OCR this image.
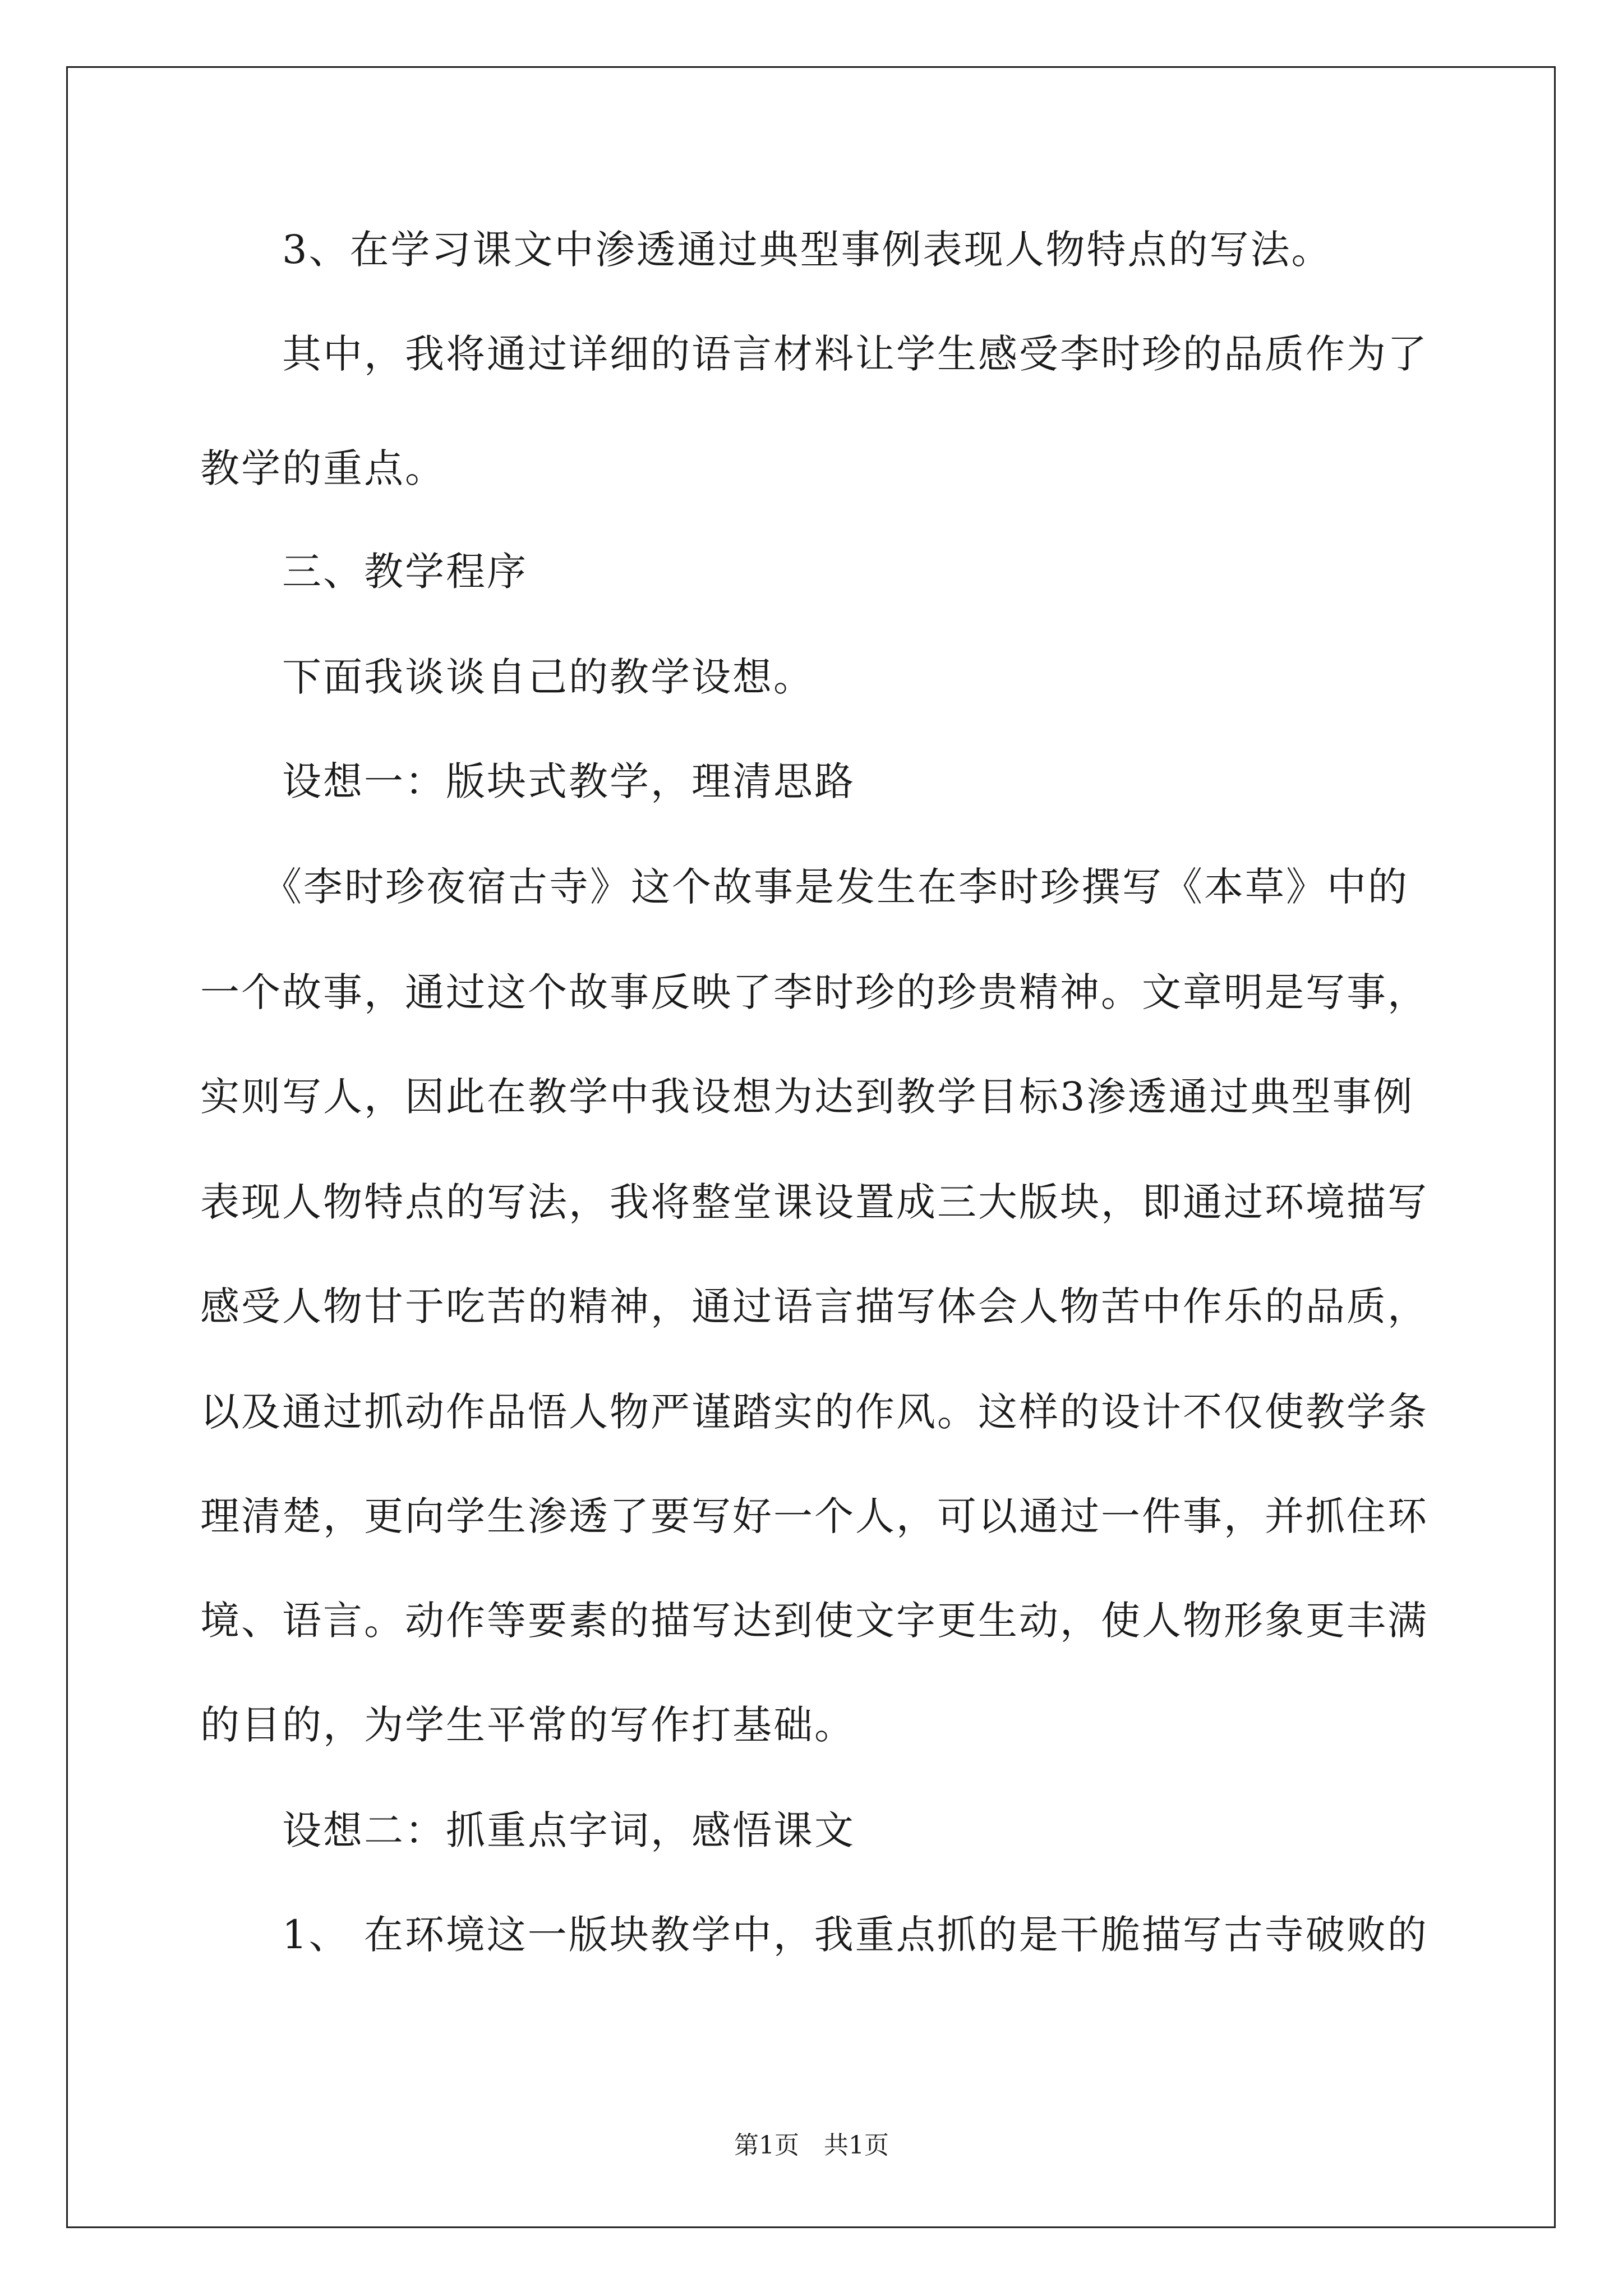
　　3、在学习课文中渗透通过典型事例表现人物特点的写法。
　　其中，我将通过详细的语言材料让学生感受李时珍的品质作为了
教学的重点。
　　三、教学程序
　　下面我谈谈自己的教学设想。
　　设想一：版块式教学，理清思路
　　《李时珍夜宿古寺》这个故事是发生在李时珍撰写《本草》中的
一个故事，通过这个故事反映了李时珍的珍贵精神。文章明是写事，
实则写人，因此在教学中我设想为达到教学目标3渗透通过典型事例
表现人物特点的写法，我将整堂课设置成三大版块，即通过环境描写
感受人物甘于吃苦的精神，通过语言描写体会人物苦中作乐的品质，
以及通过抓动作品悟人物严谨踏实的作风。这样的设计不仅使教学条
理清楚，更向学生渗透了要写好一个人，可以通过一件事，并抓住环
境、语言。动作等要素的描写达到使文字更生动，使人物形象更丰满
的目的，为学生平常的写作打基础。
　　设想二：抓重点字词，感悟课文
　　1、 在环境这一版块教学中，我重点抓的是干脆描写古寺破败的
第1页　共1页
